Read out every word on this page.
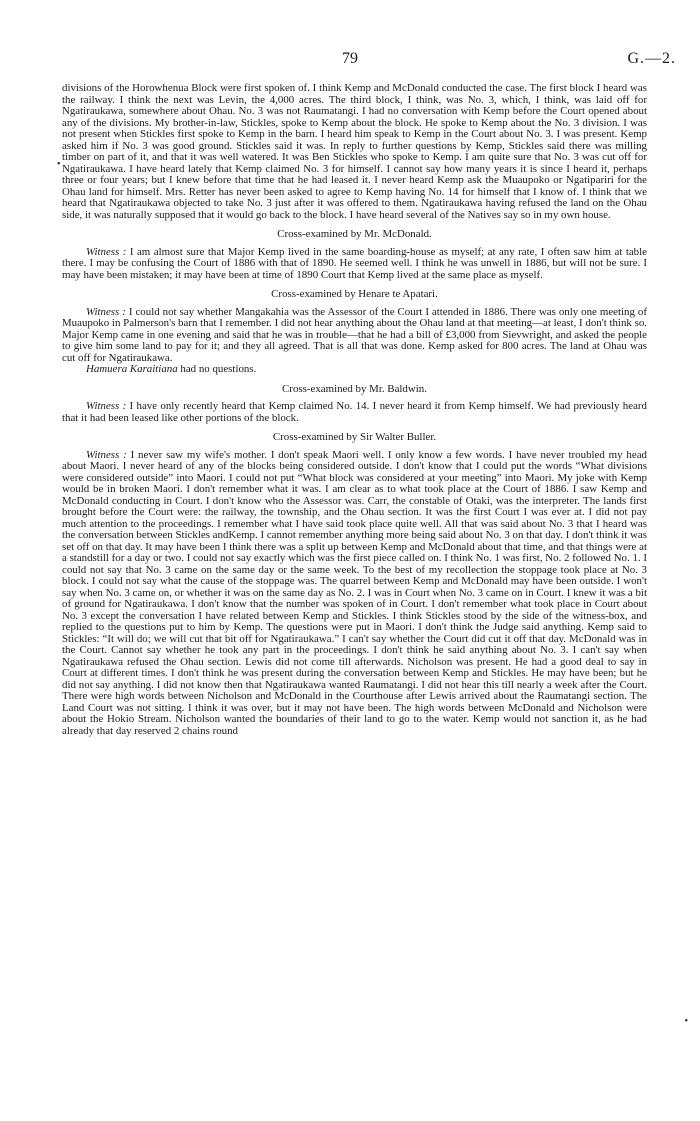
79	G.—2.
•
•

divisions of the Horowhenua Block were first spoken of. I think Kemp and McDonald conducted the case. The first block I heard was the railway. I think the next was Levin, the 4,000 acres. The third block, I think, was No. 3, which, I think, was laid off for Ngatiraukawa, somewhere about Ohau. No. 3 was not Raumatangi. I had no conversation with Kemp before the Court opened about any of the divisions. My brother-in-law, Stickles, spoke to Kemp about the block. He spoke to Kemp about the No. 3 division. I was not present when Stickles first spoke to Kemp in the barn. I heard him speak to Kemp in the Court about No. 3. I was present. Kemp asked him if No. 3 was good ground. Stickles said it was. In reply to further questions by Kemp, Stickles said there was milling timber on part of it, and that it was well watered. It was Ben Stickles who spoke to Kemp. I am quite sure that No. 3 was cut off for Ngatiraukawa. I have heard lately that Kemp claimed No. 3 for himself. I cannot say how many years it is since I heard it, perhaps three or four years; but I knew before that time that he had leased it. I never heard Kemp ask the Muaupoko or Ngatipariri for the Ohau land for himself. Mrs. Retter has never been asked to agree to Kemp having No. 14 for himself that I know of. I think that we heard that Ngatiraukawa objected to take No. 3 just after it was offered to them. Ngatiraukawa having refused the land on the Ohau side, it was naturally supposed that it would go back to the block. I have heard several of the Natives say so in my own house.

Cross-examined by Mr. McDonald.

Witness : I am almost sure that Major Kemp lived in the same boarding-house as myself; at any rate, I often saw him at table there. I may be confusing the Court of 1886 with that of 1890. He seemed well. I think he was unwell in 1886, but will not be sure. I may have been mistaken; it may have been at time of 1890 Court that Kemp lived at the same place as myself.

Cross-examined by Henare te Apatari.

Witness : I could not say whether Mangakahia was the Assessor of the Court I attended in 1886. There was only one meeting of Muaupoko in Palmerson's barn that I remember. I did not hear anything about the Ohau land at that meeting—at least, I don't think so. Major Kemp came in one evening and said that he was in trouble—that he had a bill of £3,000 from Sievwright, and asked the people to give him some land to pay for it; and they all agreed. That is all that was done. Kemp asked for 800 acres. The land at Ohau was cut off for Ngatiraukawa.

Hamuera Karaitiana had no questions.

Cross-examined by Mr. Baldwin.

Witness : I have only recently heard that Kemp claimed No. 14. I never heard it from Kemp himself. We had previously heard that it had been leased like other portions of the block.

Cross-examined by Sir Walter Buller.

Witness : I never saw my wife's mother. I don't speak Maori well. I only know a few words. I have never troubled my head about Maori. I never heard of any of the blocks being considered outside. I don't know that I could put the words “What divisions were considered outside” into Maori. I could not put “What block was considered at your meeting” into Maori. My joke with Kemp would be in broken Maori. I don't remember what it was. I am clear as to what took place at the Court of 1886. I saw Kemp and McDonald conducting in Court. I don't know who the Assessor was. Carr, the constable of Otaki, was the interpreter. The lands first brought before the Court were: the railway, the township, and the Ohau section. It was the first Court I was ever at. I did not pay much attention to the proceedings. I remember what I have said took place quite well. All that was said about No. 3 that I heard was the conversation between Stickles andKemp. I cannot remember anything more being said about No. 3 on that day. I don't think it was set off on that day. It may have been I think there was a split up between Kemp and McDonald about that time, and that things were at a standstill for a day or two. I could not say exactly which was the first piece called on. I think No. 1 was first, No. 2 followed No. 1. I could not say that No. 3 came on the same day or the same week. To the best of my recollection the stoppage took place at No. 3 block. I could not say what the cause of the stoppage was. The quarrel between Kemp and McDonald may have been outside. I won't say when No. 3 came on, or whether it was on the same day as No. 2. I was in Court when No. 3 came on in Court. I knew it was a bit of ground for Ngatiraukawa. I don't know that the number was spoken of in Court. I don't remember what took place in Court about No. 3 except the conversation I have related between Kemp and Stickles. I think Stickles stood by the side of the witness-box, and replied to the questions put to him by Kemp. The questions were put in Maori. I don't think the Judge said anything. Kemp said to Stickles: “It will do; we will cut that bit off for Ngatiraukawa.” I can't say whether the Court did cut it off that day. McDonald was in the Court. Cannot say whether he took any part in the proceedings. I don't think he said anything about No. 3. I can't say when Ngatiraukawa refused the Ohau section. Lewis did not come till afterwards. Nicholson was present. He had a good deal to say in Court at different times. I don't think he was present during the conversation between Kemp and Stickles. He may have been; but he did not say anything. I did not know then that Ngatiraukawa wanted Raumatangi. I did not hear this till nearly a week after the Court. There were high words between Nicholson and McDonald in the Courthouse after Lewis arrived about the Raumatangi section. The Land Court was not sitting. I think it was over, but it may not have been. The high words between McDonald and Nicholson were about the Hokio Stream. Nicholson wanted the boundaries of their land to go to the water. Kemp would not sanction it, as he had already that day reserved 2 chains round
